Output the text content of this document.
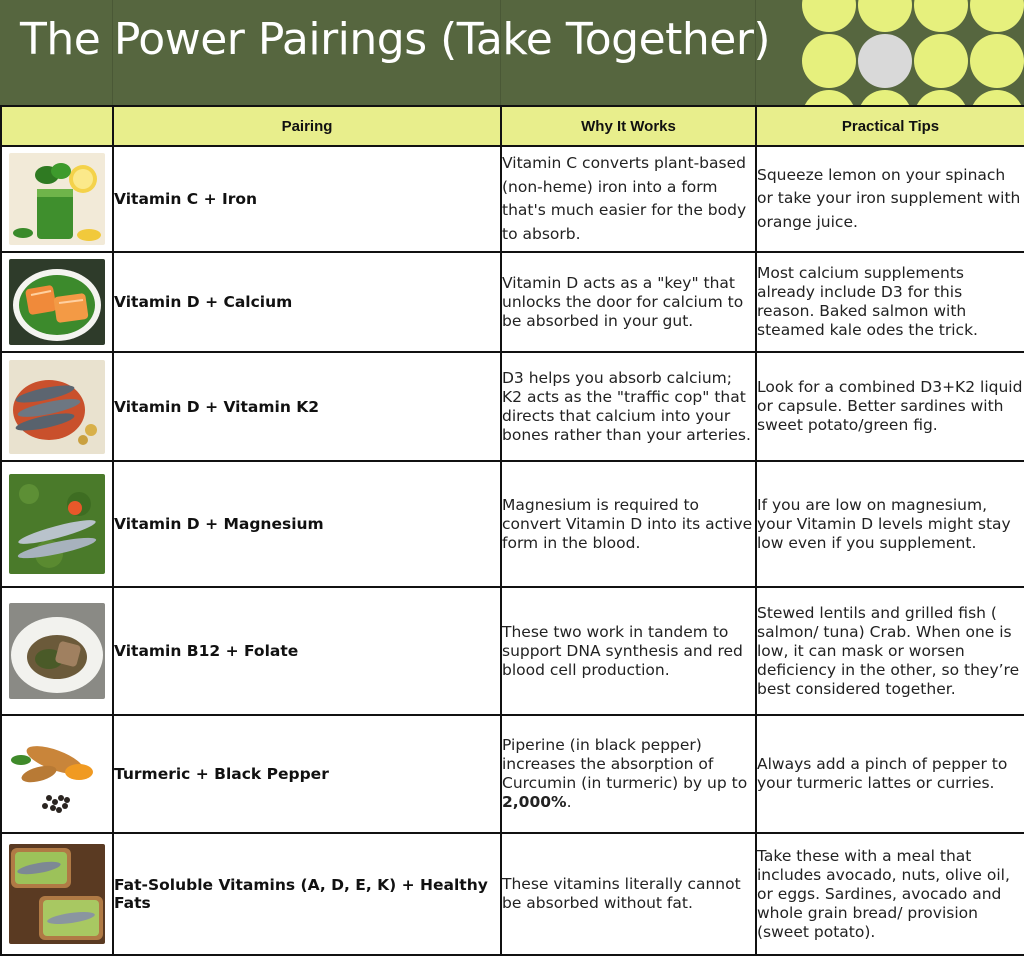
The Power Pairings (Take Together)
	Pairing	Why It Works	Practical Tips

	Vitamin C + Iron	Vitamin C converts plant-based (non-heme) iron into a form that's much easier for the body to absorb.	Squeeze lemon on your spinach or take your iron supplement with orange juice.

	Vitamin D + Calcium	Vitamin D acts as a "key" that unlocks the door for calcium to be absorbed in your gut.	Most calcium supplements already include D3 for this reason. Baked salmon with steamed kale odes the trick.

	Vitamin D + Vitamin K2	D3 helps you absorb calcium; K2 acts as the "traffic cop" that directs that calcium into your bones rather than your arteries.	Look for a combined D3+K2 liquid or capsule. Better sardines with sweet potato/green fig.

	Vitamin D + Magnesium	Magnesium is required to convert Vitamin D into its active form in the blood.	If you are low on magnesium, your Vitamin D levels might stay low even if you supplement.

	Vitamin B12 + Folate	These two work in tandem to support DNA synthesis and red blood cell production.	Stewed lentils and grilled fish ( salmon/ tuna) Crab. When one is low, it can mask or worsen deficiency in the other, so they’re best considered together.

	Turmeric + Black Pepper	Piperine (in black pepper) increases the absorption of Curcumin (in turmeric) by up to 2,000%.	Always add a pinch of pepper to your turmeric lattes or curries.

	Fat-Soluble Vitamins (A, D, E, K) + Healthy Fats	These vitamins literally cannot be absorbed without fat.	Take these with a meal that includes avocado, nuts, olive oil, or eggs. Sardines, avocado and whole grain bread/ provision (sweet potato).
